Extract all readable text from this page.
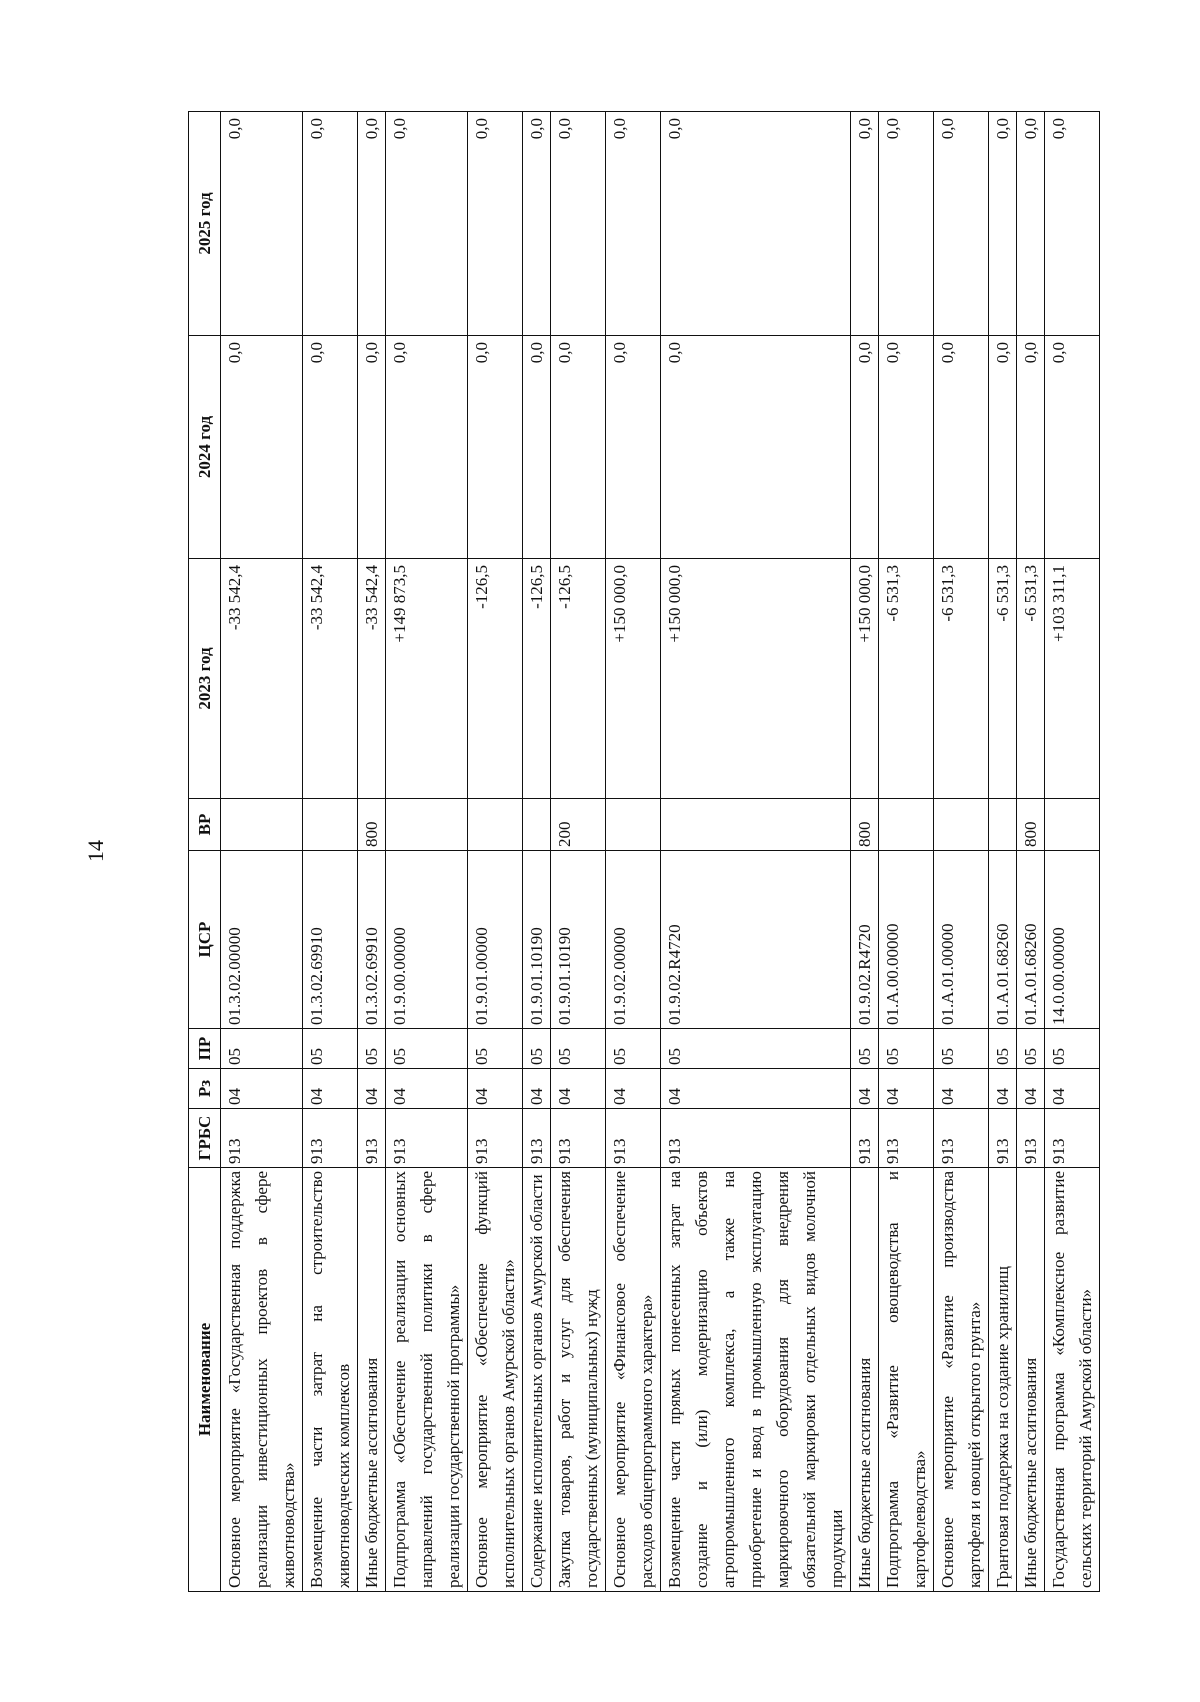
14
Наименование	ГРБС	Рз	ПР	ЦСР	ВР	2023 год	2024 год	2025 год
Основное мероприятие «Государственная поддержка реализации инвестиционных проектов в сфере животноводства»	913	04	05	01.3.02.00000		-33 542,4	0,0	0,0
Возмещение части затрат на строительство животноводческих комплексов	913	04	05	01.3.02.69910		-33 542,4	0,0	0,0
Иные бюджетные ассигнования	913	04	05	01.3.02.69910	800	-33 542,4	0,0	0,0
Подпрограмма «Обеспечение реализации основных направлений государственной политики в сфере реализации государственной программы»	913	04	05	01.9.00.00000		+149 873,5	0,0	0,0
Основное мероприятие «Обеспечение функций исполнительных органов Амурской области»	913	04	05	01.9.01.00000		-126,5	0,0	0,0
Содержание исполнительных органов Амурской области	913	04	05	01.9.01.10190		-126,5	0,0	0,0
Закупка товаров, работ и услуг для обеспечения государственных (муниципальных) нужд	913	04	05	01.9.01.10190	200	-126,5	0,0	0,0
Основное мероприятие «Финансовое обеспечение расходов общепрограммного характера»	913	04	05	01.9.02.00000		+150 000,0	0,0	0,0
Возмещение части прямых понесенных затрат на создание и (или) модернизацию объектов агропромышленного комплекса, а также на приобретение и ввод в промышленную эксплуатацию маркировочного оборудования для внедрения обязательной маркировки отдельных видов молочной продукции	913	04	05	01.9.02.R4720		+150 000,0	0,0	0,0
Иные бюджетные ассигнования	913	04	05	01.9.02.R4720	800	+150 000,0	0,0	0,0
Подпрограмма «Развитие овощеводства и картофелеводства»	913	04	05	01.A.00.00000		-6 531,3	0,0	0,0
Основное мероприятие «Развитие производства картофеля и овощей открытого грунта»	913	04	05	01.A.01.00000		-6 531,3	0,0	0,0
Грантовая поддержка на создание хранилищ	913	04	05	01.A.01.68260		-6 531,3	0,0	0,0
Иные бюджетные ассигнования	913	04	05	01.A.01.68260	800	-6 531,3	0,0	0,0
Государственная программа «Комплексное развитие сельских территорий Амурской области»	913	04	05	14.0.00.00000		+103 311,1	0,0	0,0
